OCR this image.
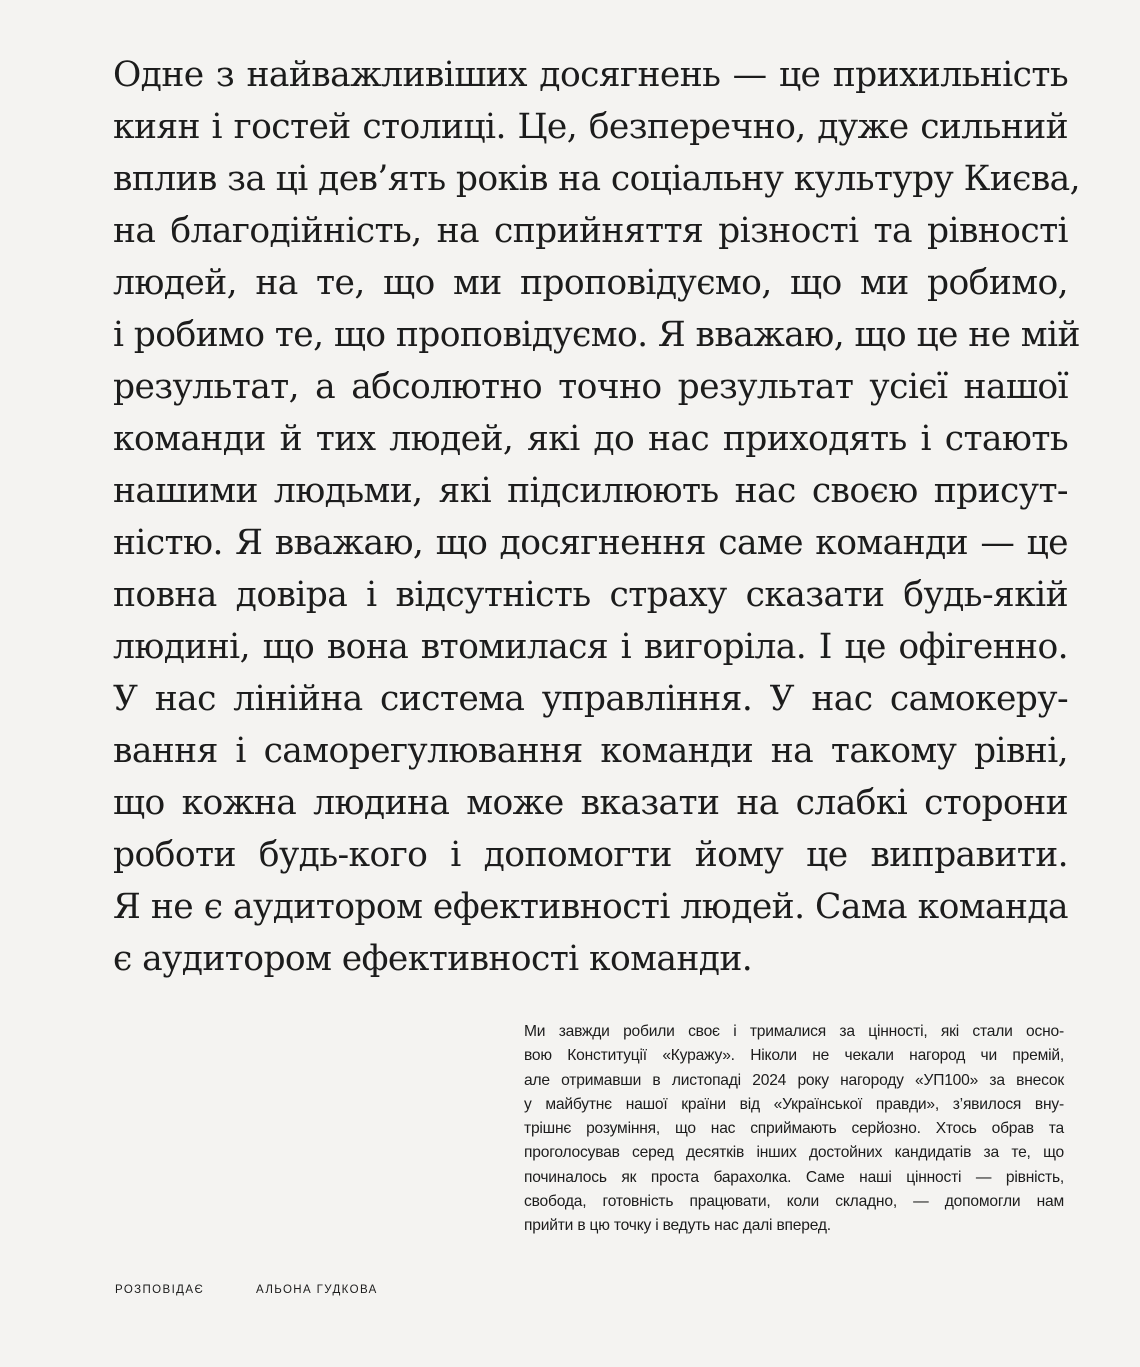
Одне з найважливіших досягнень — це прихильність
киян і гостей столиці. Це, безперечно, дуже сильний
вплив за ці дев’ять років на соціальну культуру Києва,
на благодійність, на сприйняття різності та рівності
людей, на те, що ми проповідуємо, що ми робимо,
і робимо те, що проповідуємо. Я вважаю, що це не мій
результат, а абсолютно точно результат усієї нашої
команди й тих людей, які до нас приходять і стають
нашими людьми, які підсилюють нас своєю присут-
ністю. Я вважаю, що досягнення саме команди — це
повна довіра і відсутність страху сказати будь-якій
людині, що вона втомилася і вигоріла. І це офігенно.
У нас лінійна система управління. У нас самокеру-
вання і саморегулювання команди на такому рівні,
що кожна людина може вказати на слабкі сторони
роботи будь-кого і допомогти йому це виправити.
Я не є аудитором ефективності людей. Сама команда
є аудитором ефективності команди.
Ми завжди робили своє і трималися за цінності, які стали осно-
вою Конституції «Куражу». Ніколи не чекали нагород чи премій,
але отримавши в листопаді 2024 року нагороду «УП100» за внесок
у майбутнє нашої країни від «Української правди», з’явилося вну-
трішнє розуміння, що нас сприймають серйозно. Хтось обрав та
проголосував серед десятків інших достойних кандидатів за те, що
починалось як проста барахолка. Саме наші цінності — рівність,
свобода, готовність працювати, коли складно, — допомогли нам
прийти в цю точку і ведуть нас далі вперед.

РОЗПОВІДАЄ	АЛЬОНА ГУДКОВА
